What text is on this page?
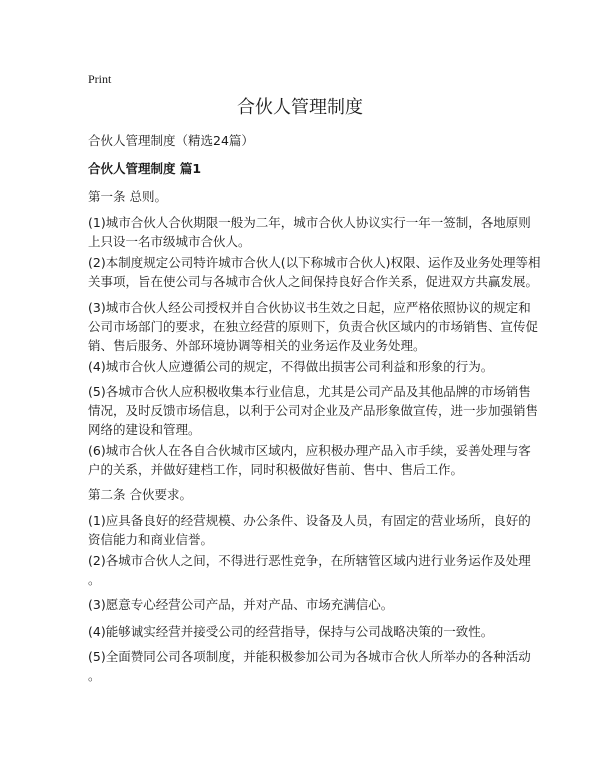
Print
合伙人管理制度
合伙人管理制度（精选24篇）
合伙人管理制度 篇1
第一条 总则。
(1)城市合伙人合伙期限一般为二年，城市合伙人协议实行一年一签制，各地原则
上只设一名市级城市合伙人。
(2)本制度规定公司特许城市合伙人(以下称城市合伙人)权限、运作及业务处理等相
关事项，旨在使公司与各城市合伙人之间保持良好合作关系，促进双方共赢发展。
(3)城市合伙人经公司授权并自合伙协议书生效之日起，应严格依照协议的规定和
公司市场部门的要求，在独立经营的原则下，负责合伙区域内的市场销售、宣传促
销、售后服务、外部环境协调等相关的业务运作及业务处理。
(4)城市合伙人应遵循公司的规定，不得做出损害公司利益和形象的行为。
(5)各城市合伙人应积极收集本行业信息，尤其是公司产品及其他品牌的市场销售
情况，及时反馈市场信息，以利于公司对企业及产品形象做宣传，进一步加强销售
网络的建设和管理。
(6)城市合伙人在各自合伙城市区域内，应积极办理产品入市手续，妥善处理与客
户的关系，并做好建档工作，同时积极做好售前、售中、售后工作。
第二条 合伙要求。
(1)应具备良好的经营规模、办公条件、设备及人员，有固定的营业场所，良好的
资信能力和商业信誉。
(2)各城市合伙人之间，不得进行恶性竞争，在所辖管区域内进行业务运作及处理
。
(3)愿意专心经营公司产品，并对产品、市场充满信心。
(4)能够诚实经营并接受公司的经营指导，保持与公司战略决策的一致性。
(5)全面赞同公司各项制度，并能积极参加公司为各城市合伙人所举办的各种活动
。
